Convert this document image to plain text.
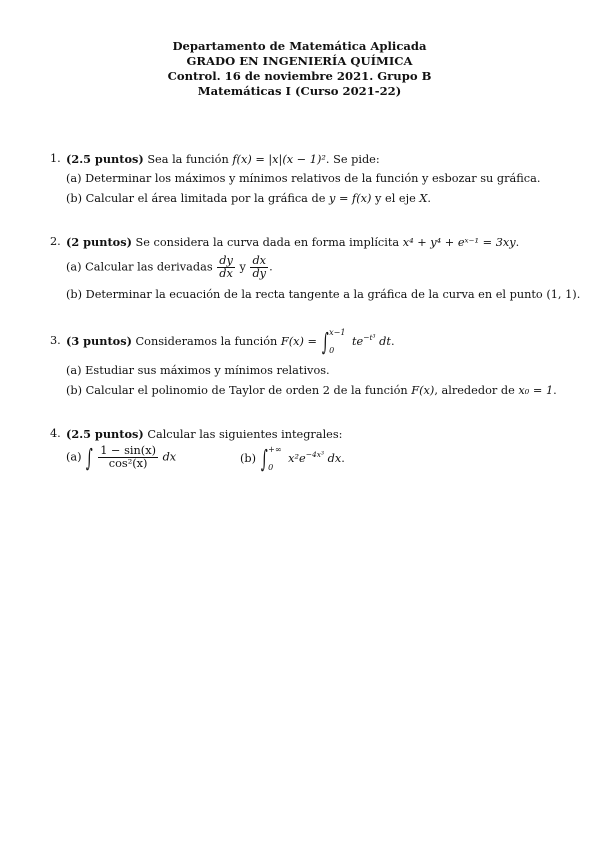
Departamento de Matemática Aplicada
GRADO EN INGENIERÍA QUÍMICA
Control. 16 de noviembre 2021. Grupo B
Matemáticas I (Curso 2021-22)
1. (2.5 puntos) Sea la función f(x) = |x|(x − 1)². Se pide:
(a) Determinar los máximos y mínimos relativos de la función y esbozar su gráfica.
(b) Calcular el área limitada por la gráfica de y = f(x) y el eje X.
2. (2 puntos) Se considera la curva dada en forma implícita x⁴ + y⁴ + eˣ⁻¹ = 3xy.
(a) Calcular las derivadas $\frac{dy}{dx}$ y $\frac{dx}{dy}$ .
(b) Determinar la ecuación de la recta tangente a la gráfica de la curva en el punto (1, 1).
3. (3 puntos) Consideramos la función F(x) = ∫ x−1
0
$te^{-t^3}$ dt.
(a) Estudiar sus máximos y mínimos relativos.
(b) Calcular el polinomio de Taylor de orden 2 de la función F(x), alrededor de x₀ = 1.
4. (2.5 puntos) Calcular las siguientes integrales:
(a) ∫ $\frac{1 - \sin(x)}{\text{cos²(x)}}$ dx	(b) ∫ +∞
0
$x^2e^{-4x^3}$ dx.
